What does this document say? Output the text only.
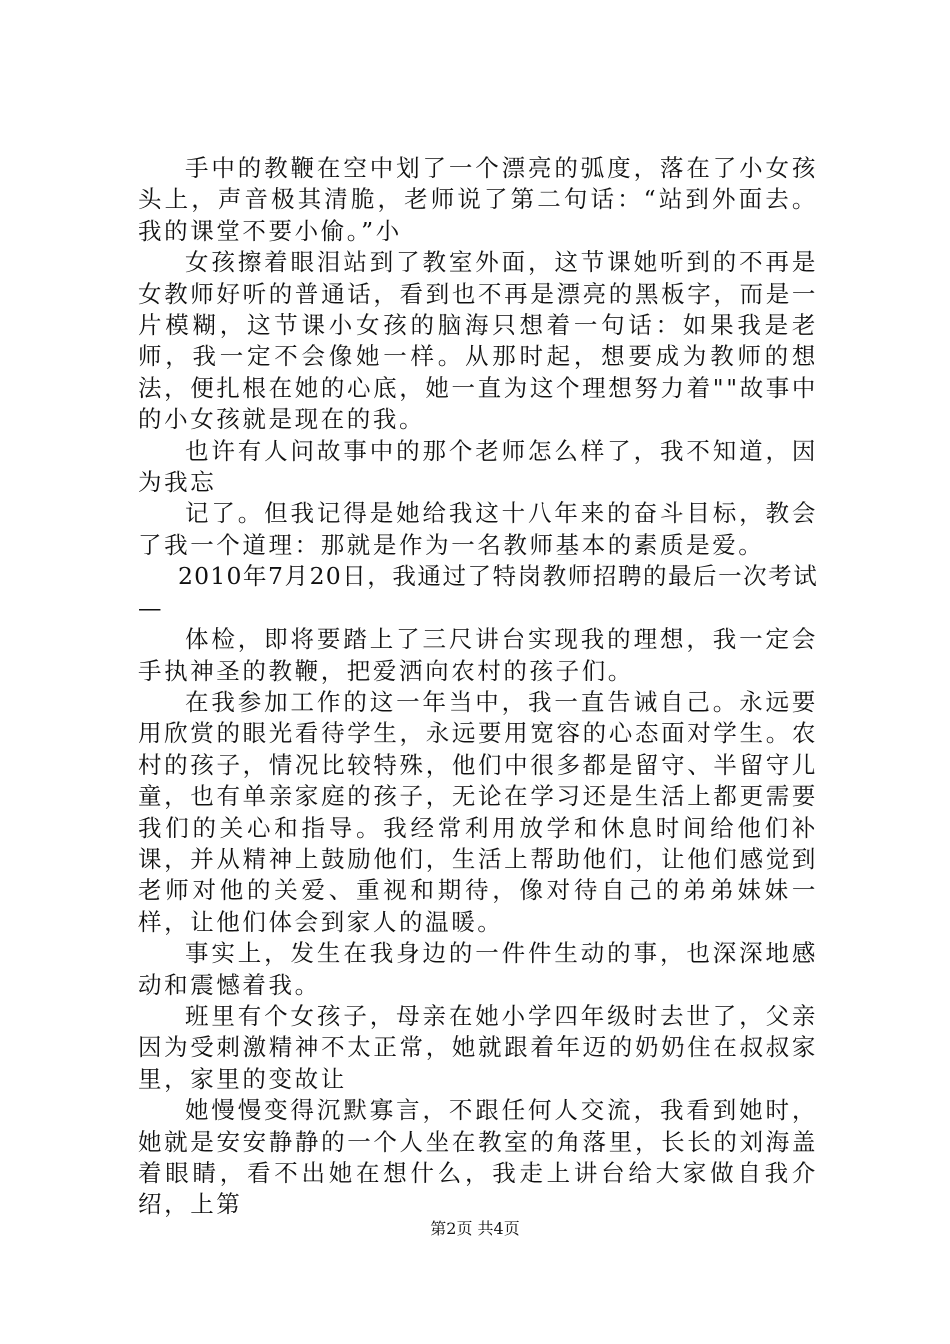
手中的教鞭在空中划了一个漂亮的弧度，落在了小女孩头上，声音极其清脆，老师说了第二句话：“站到外面去。我的课堂不要小偷。”小

女孩擦着眼泪站到了教室外面，这节课她听到的不再是女教师好听的普通话，看到也不再是漂亮的黑板字，而是一片模糊，这节课小女孩的脑海只想着一句话：如果我是老师，我一定不会像她一样。从那时起，想要成为教师的想法，便扎根在她的心底，她一直为这个理想努力着""故事中的小女孩就是现在的我。

也许有人问故事中的那个老师怎么样了，我不知道，因为我忘

记了。但我记得是她给我这十八年来的奋斗目标，教会了我一个道理：那就是作为一名教师基本的素质是爱。

2010年7月20日，我通过了特岗教师招聘的最后一次考试—

体检，即将要踏上了三尺讲台实现我的理想，我一定会手执神圣的教鞭，把爱洒向农村的孩子们。

在我参加工作的这一年当中，我一直告诫自己。永远要用欣赏的眼光看待学生，永远要用宽容的心态面对学生。农村的孩子，情况比较特殊，他们中很多都是留守、半留守儿童，也有单亲家庭的孩子，无论在学习还是生活上都更需要我们的关心和指导。我经常利用放学和休息时间给他们补课，并从精神上鼓励他们，生活上帮助他们，让他们感觉到老师对他的关爱、重视和期待，像对待自己的弟弟妹妹一样，让他们体会到家人的温暖。

事实上，发生在我身边的一件件生动的事，也深深地感动和震憾着我。

班里有个女孩子，母亲在她小学四年级时去世了，父亲因为受刺激精神不太正常，她就跟着年迈的奶奶住在叔叔家里，家里的变故让

她慢慢变得沉默寡言，不跟任何人交流，我看到她时，她就是安安静静的一个人坐在教室的角落里，长长的刘海盖着眼睛，看不出她在想什么，我走上讲台给大家做自我介绍，上第

第2页 共4页
